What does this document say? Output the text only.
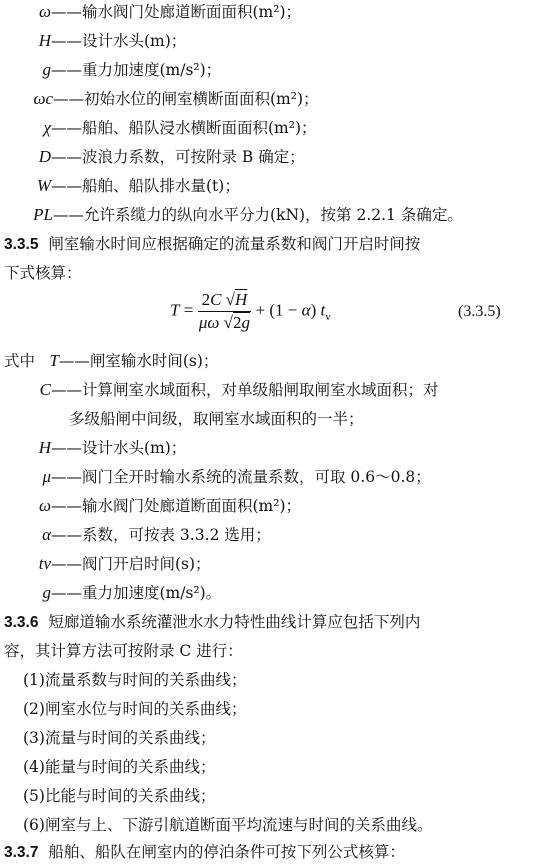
ω——输水阀门处廊道断面面积(m²)；
H——设计水头(m)；
g——重力加速度(m/s²)；
ωc——初始水位的闸室横断面面积(m²)；
χ——船舶、船队浸水横断面面积(m²)；
D——波浪力系数，可按附录 B 确定；
W——船舶、船队排水量(t)；
PL——允许系缆力的纵向水平分力(kN)，按第 2.2.1 条确定。
3.3.5 闸室输水时间应根据确定的流量系数和阀门开启时间按
下式核算：
$T = \frac{2C √H}{\mu\omega √2g} + (1 - \alpha)$ $t_v$	(3.3.5)
式中 T——闸室输水时间(s)；
C——计算闸室水域面积，对单级船闸取闸室水域面积；对
多级船闸中间级，取闸室水域面积的一半；
H——设计水头(m)；
μ——阀门全开时输水系统的流量系数，可取 0.6～0.8；
ω——输水阀门处廊道断面面积(m²)；
α——系数，可按表 3.3.2 选用；
tv——阀门开启时间(s)；
g——重力加速度(m/s²)。
3.3.6 短廊道输水系统灌泄水水力特性曲线计算应包括下列内
容，其计算方法可按附录 C 进行：
(1)流量系数与时间的关系曲线；
(2)闸室水位与时间的关系曲线；
(3)流量与时间的关系曲线；
(4)能量与时间的关系曲线；
(5)比能与时间的关系曲线；
(6)闸室与上、下游引航道断面平均流速与时间的关系曲线。
3.3.7 船舶、船队在闸室内的停泊条件可按下列公式核算：
